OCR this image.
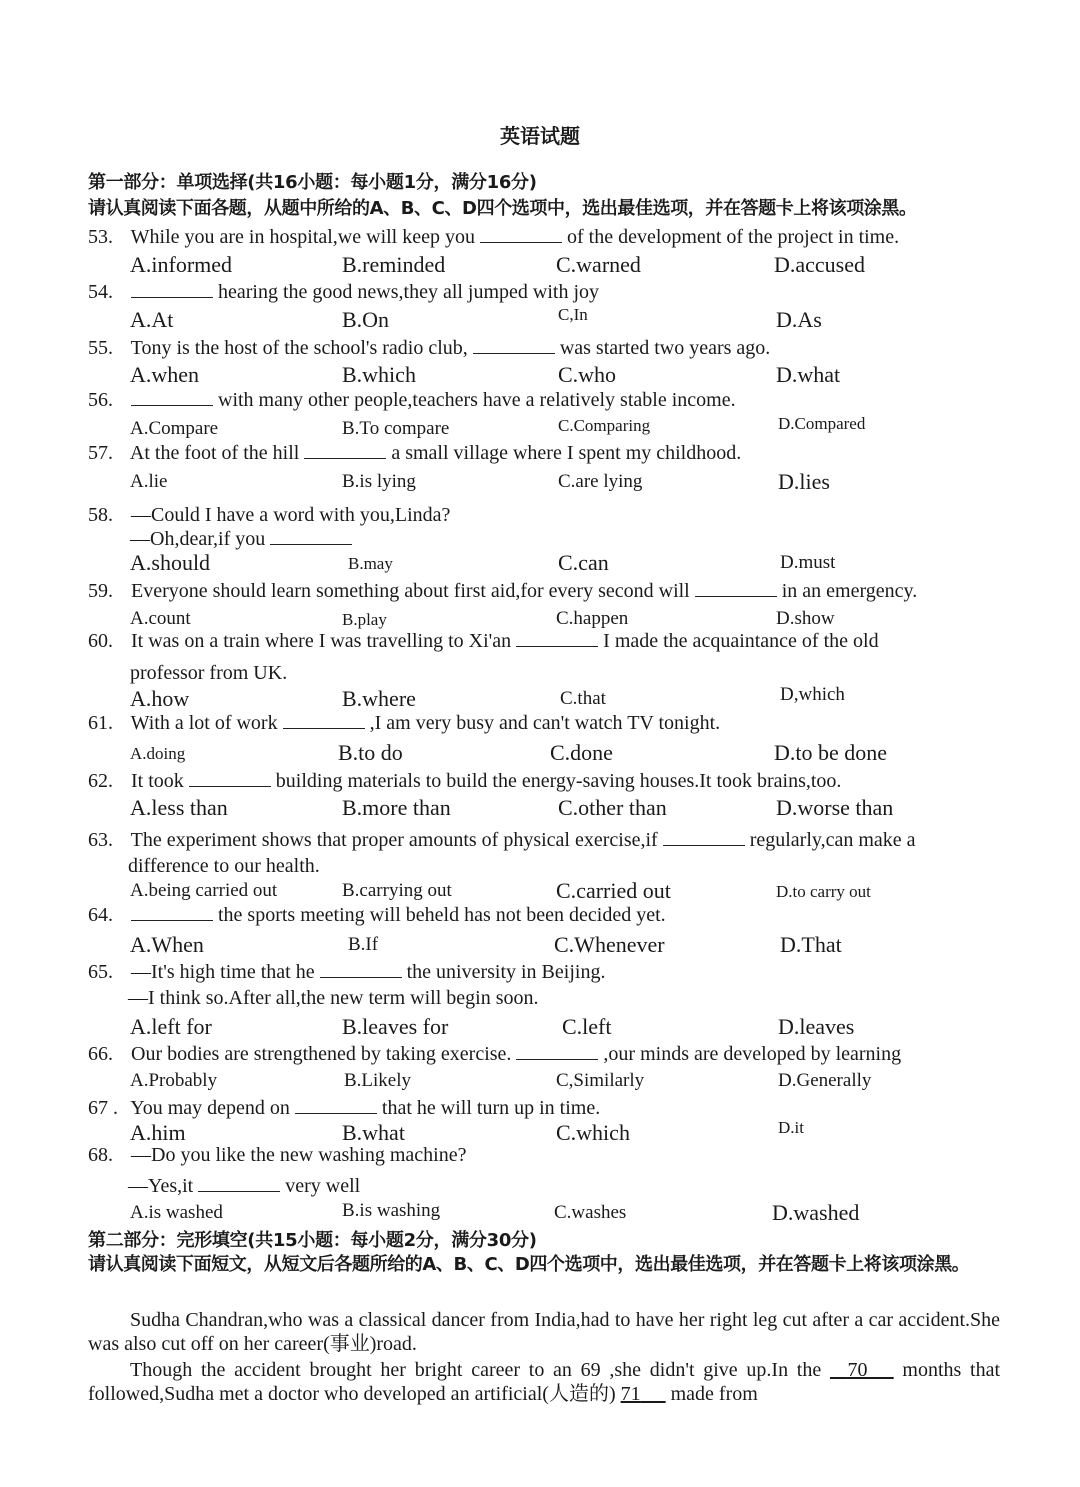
英语试题
第一部分：单项选择(共16小题：每小题1分，满分16分)
请认真阅读下面各题，从题中所给的A、B、C、D四个选项中，选出最佳选项，并在答题卡上将该项涂黑。
53. While you are in hospital,we will keep you	of the development of the project in time.
A.informed	B.reminded	C.warned	D.accused
54.	hearing the good news,they all jumped with joy
A.At	B.On	C,In	D.As
55. Tony is the host of the school's radio club,	was started two years ago.
A.when	B.which	C.who	D.what
56.	with many other people,teachers have a relatively stable income.
A.Compare	B.To compare	C.Comparing	D.Compared
57. At the foot of the hill	a small village where I spent my childhood.
A.lie	B.is lying	C.are lying	D.lies
58. —Could I have a word with you,Linda?
—Oh,dear,if you
A.should	B.may	C.can	D.must
59. Everyone should learn something about first aid,for every second will	in an emergency.
A.count	B.play	C.happen	D.show
60. It was on a train where I was travelling to Xi'an	I made the acquaintance of the old
professor from UK.
A.how	B.where	C.that	D,which
61. With a lot of work	,I am very busy and can't watch TV tonight.
A.doing	B.to do	C.done	D.to be done
62. It took	building materials to build the energy-saving houses.It took brains,too.
A.less than	B.more than	C.other than	D.worse than
63. The experiment shows that proper amounts of physical exercise,if	regularly,can make a
difference to our health.
A.being carried out	B.carrying out	C.carried out	D.to carry out
64.	the sports meeting will beheld has not been decided yet.
A.When	B.If	C.Whenever	D.That
65. —It's high time that he	the university in Beijing.
—I think so.After all,the new term will begin soon.
A.left for	B.leaves for	C.left	D.leaves
66. Our bodies are strengthened by taking exercise.	,our minds are developed by learning
A.Probably	B.Likely	C,Similarly	D.Generally
67 . You may depend on	that he will turn up in time.
A.him	B.what	C.which	D.it
68. —Do you like the new washing machine?
—Yes,it	very well
A.is washed	B.is washing	C.washes	D.washed
第二部分：完形填空(共15小题：每小题2分，满分30分)
请认真阅读下面短文，从短文后各题所给的A、B、C、D四个选项中，选出最佳选项，并在答题卡上将该项涂黑。

Sudha Chandran,who was a classical dancer from India,had to have her right leg cut after a car accident.She was also cut off on her career(事业)road.

Though the accident brought her bright career to an 69 ,she didn't give up.In the 70 months that followed,Sudha met a doctor who developed an artificial(人造的) 71 made from
